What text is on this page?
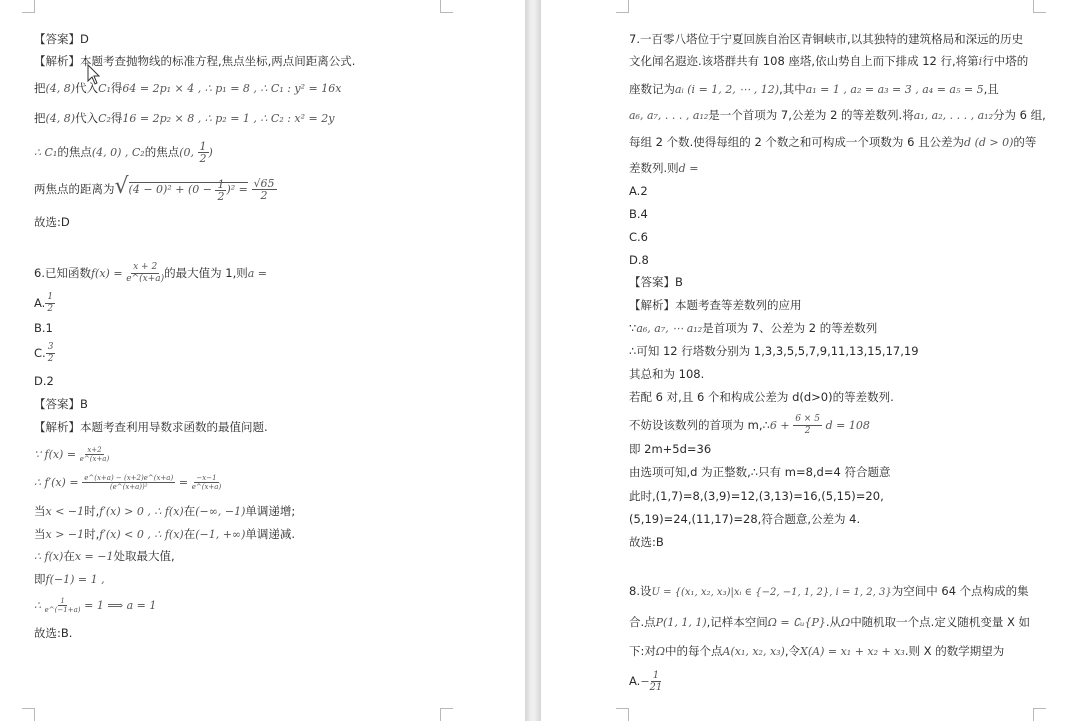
【答案】D
【解析】本题考查抛物线的标准方程,焦点坐标,两点间距离公式.
把(4, 8)代入C₁得64 = 2p₁ × 4 , ∴ p₁ = 8 , ∴ C₁ : y² = 16x
把(4, 8)代入C₂得16 = 2p₂ × 8 , ∴ p₂ = 1 , ∴ C₂ : x² = 2y
∴ C₁的焦点(4, 0) , C₂的焦点(0, $\frac{1}{2}$ )
两焦点的距离为$√(4 - 0)^2 + (0 - \frac{1}{2} )^2 = \frac{√65}{2}$
故选:D
6.已知函数$f(x) = \frac{x + 2}{e\^{}(x+a)}$ 的最大值为 1,则a =
A. $\frac{1}{2}$
B.1
C. $\frac{3}{2}$
D.2
【答案】B
【解析】本题考查利用导数求函数的最值问题.
∵ $f(x) = \frac{x+2}{e\^{}(x+a)}$
∴ $f'(x) = \frac{e\^{}(x+a) - (x+2)e\^{}(x+a)}{\text{(e\textasciicircum{}(x+a))²}} = \frac{-x-1}{e\^{}(x+a)}$
当x < −1时,f′(x) > 0 , ∴ f(x)在(−∞, −1)单调递增;
当x > −1时,f′(x) < 0 , ∴ f(x)在(−1, +∞)单调递减.
∴ f(x)在x = −1处取最大值,
即f(−1) = 1 ,
∴ $\frac{1}{e\^{}(-1+a)} = 1$ ⟹ a = 1
故选:B.
7.一百零八塔位于宁夏回族自治区青铜峡市,以其独特的建筑格局和深远的历史
文化闻名遐迩.该塔群共有 108 座塔,依山势自上而下排成 12 行,将第i行中塔的
座数记为aᵢ (i = 1, 2, ⋯ , 12),其中a₁ = 1 , a₂ = a₃ = 3 , a₄ = a₅ = 5,且
a₆, a₇, . . . , a₁₂是一个首项为 7,公差为 2 的等差数列.将a₁, a₂, . . . , a₁₂分为 6 组,
每组 2 个数.使得每组的 2 个数之和可构成一个项数为 6 且公差为d (d > 0)的等
差数列.则d =
A.2
B.4
C.6
D.8
【答案】B
【解析】本题考查等差数列的应用
∵a₆, a₇, ⋯ a₁₂是首项为 7、公差为 2 的等差数列
∴可知 12 行塔数分别为 1,3,3,5,5,7,9,11,13,15,17,19
其总和为 108.
若配 6 对,且 6 个和构成公差为 d(d>0)的等差数列.
不妨设该数列的首项为 m,∴6 + $\frac{6 \times 5}{2}$ d = 108
即 2m+5d=36
由选项可知,d 为正整数,∴只有 m=8,d=4 符合题意
此时,(1,7)=8,(3,9)=12,(3,13)=16,(5,15)=20,
(5,19)=24,(11,17)=28,符合题意,公差为 4.
故选:B
8.设U = {(x₁, x₂, x₃)|xᵢ ∈ {−2, −1, 1, 2}, i = 1, 2, 3}为空间中 64 个点构成的集
合.点P(1, 1, 1),记样本空间Ω = ∁ᵤ{P}.从Ω中随机取一个点.定义随机变量 X 如
下:对Ω中的每个点A(x₁, x₂, x₃),令X(A) = x₁ + x₂ + x₃.则 X 的数学期望为
$A.- \frac{1}{21}$
